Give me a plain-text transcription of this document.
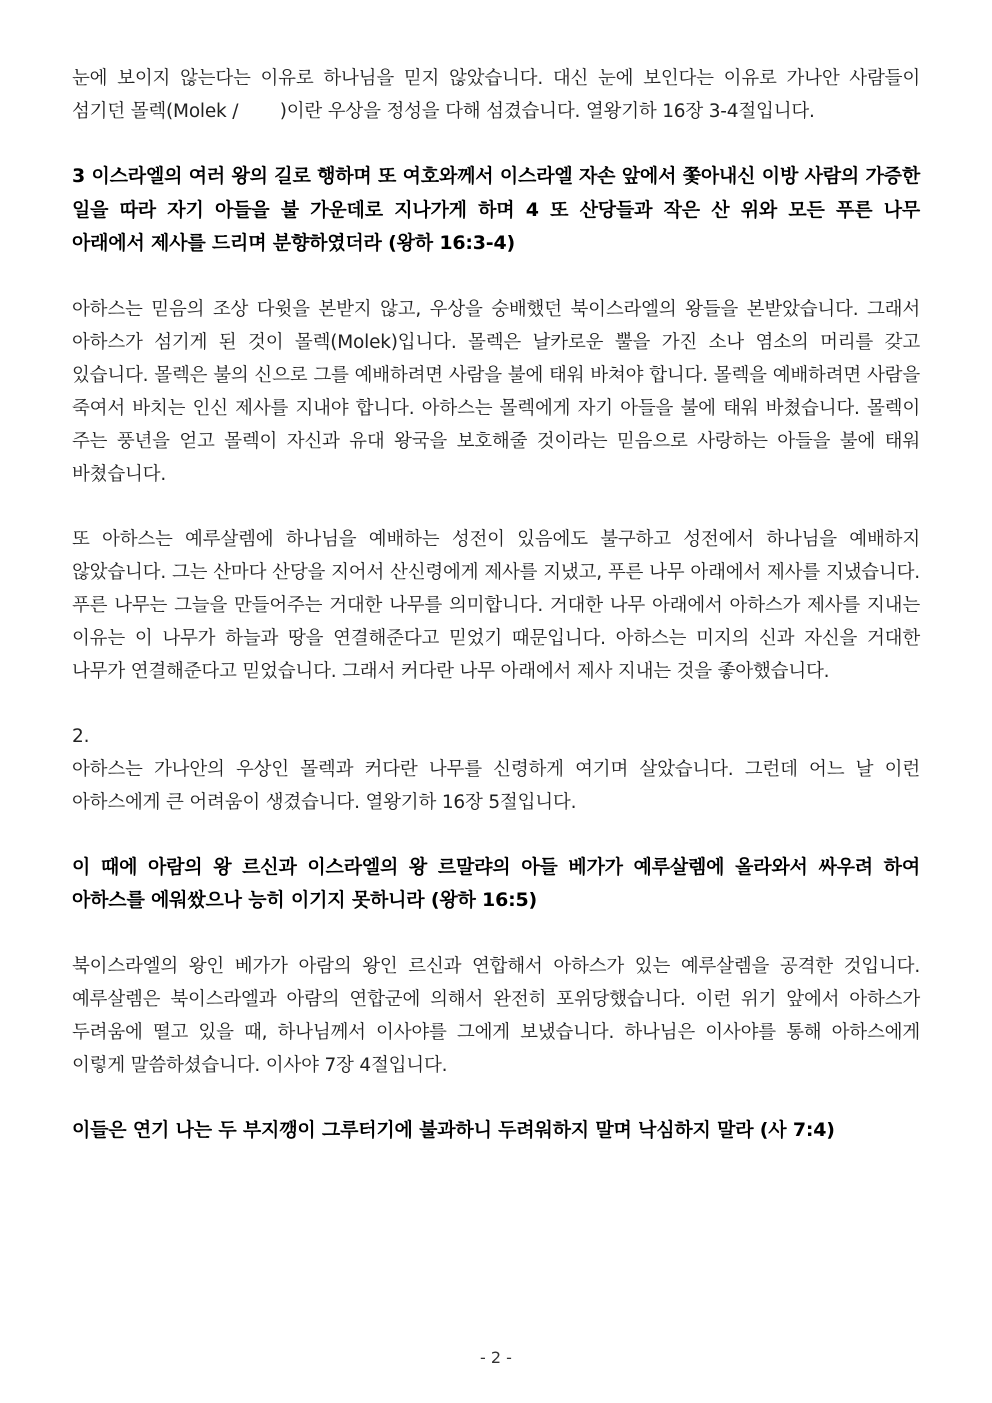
눈에 보이지 않는다는 이유로 하나님을 믿지 않았습니다. 대신 눈에 보인다는 이유로 가나안 사람들이 섬기던 몰렉(Molek / ᅠᅠ)이란 우상을 정성을 다해 섬겼습니다. 열왕기하 16장 3-4절입니다.

3 이스라엘의 여러 왕의 길로 행하며 또 여호와께서 이스라엘 자손 앞에서 쫓아내신 이방 사람의 가증한 일을 따라 자기 아들을 불 가운데로 지나가게 하며 4 또 산당들과 작은 산 위와 모든 푸른 나무 아래에서 제사를 드리며 분향하였더라 (왕하 16:3-4)

아하스는 믿음의 조상 다윗을 본받지 않고, 우상을 숭배했던 북이스라엘의 왕들을 본받았습니다. 그래서 아하스가 섬기게 된 것이 몰렉(Molek)입니다. 몰렉은 날카로운 뿔을 가진 소나 염소의 머리를 갖고 있습니다. 몰렉은 불의 신으로 그를 예배하려면 사람을 불에 태워 바쳐야 합니다. 몰렉을 예배하려면 사람을 죽여서 바치는 인신 제사를 지내야 합니다. 아하스는 몰렉에게 자기 아들을 불에 태워 바쳤습니다. 몰렉이 주는 풍년을 얻고 몰렉이 자신과 유대 왕국을 보호해줄 것이라는 믿음으로 사랑하는 아들을 불에 태워 바쳤습니다.

또 아하스는 예루살렘에 하나님을 예배하는 성전이 있음에도 불구하고 성전에서 하나님을 예배하지 않았습니다. 그는 산마다 산당을 지어서 산신령에게 제사를 지냈고, 푸른 나무 아래에서 제사를 지냈습니다. 푸른 나무는 그늘을 만들어주는 거대한 나무를 의미합니다. 거대한 나무 아래에서 아하스가 제사를 지내는 이유는 이 나무가 하늘과 땅을 연결해준다고 믿었기 때문입니다. 아하스는 미지의 신과 자신을 거대한 나무가 연결해준다고 믿었습니다. 그래서 커다란 나무 아래에서 제사 지내는 것을 좋아했습니다.

2.

아하스는 가나안의 우상인 몰렉과 커다란 나무를 신령하게 여기며 살았습니다. 그런데 어느 날 이런 아하스에게 큰 어려움이 생겼습니다. 열왕기하 16장 5절입니다.

이 때에 아람의 왕 르신과 이스라엘의 왕 르말랴의 아들 베가가 예루살렘에 올라와서 싸우려 하여 아하스를 에워쌌으나 능히 이기지 못하니라 (왕하 16:5)

북이스라엘의 왕인 베가가 아람의 왕인 르신과 연합해서 아하스가 있는 예루살렘을 공격한 것입니다. 예루살렘은 북이스라엘과 아람의 연합군에 의해서 완전히 포위당했습니다. 이런 위기 앞에서 아하스가 두려움에 떨고 있을 때, 하나님께서 이사야를 그에게 보냈습니다. 하나님은 이사야를 통해 아하스에게 이렇게 말씀하셨습니다. 이사야 7장 4절입니다.

이들은 연기 나는 두 부지깽이 그루터기에 불과하니 두려워하지 말며 낙심하지 말라 (사 7:4)

- 2 -
